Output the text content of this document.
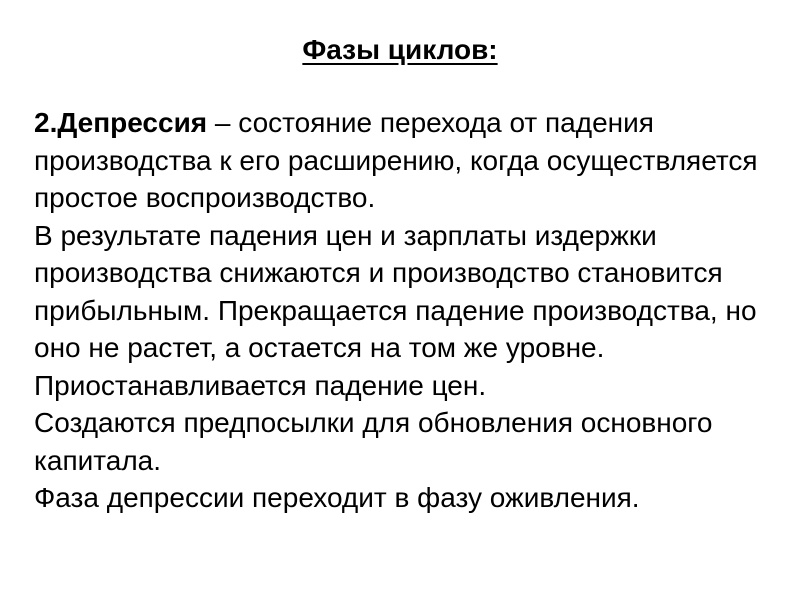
Фазы циклов:

2.Депрессия – состояние перехода от падения производства к его расширению, когда осуществляется простое воспроизводство.

В результате падения цен и зарплаты издержки производства снижаются и производство становится прибыльным. Прекращается падение производства, но оно не растет, а остается на том же уровне.

Приостанавливается падение цен.

Создаются предпосылки для обновления основного капитала.

Фаза депрессии переходит в фазу оживления.
